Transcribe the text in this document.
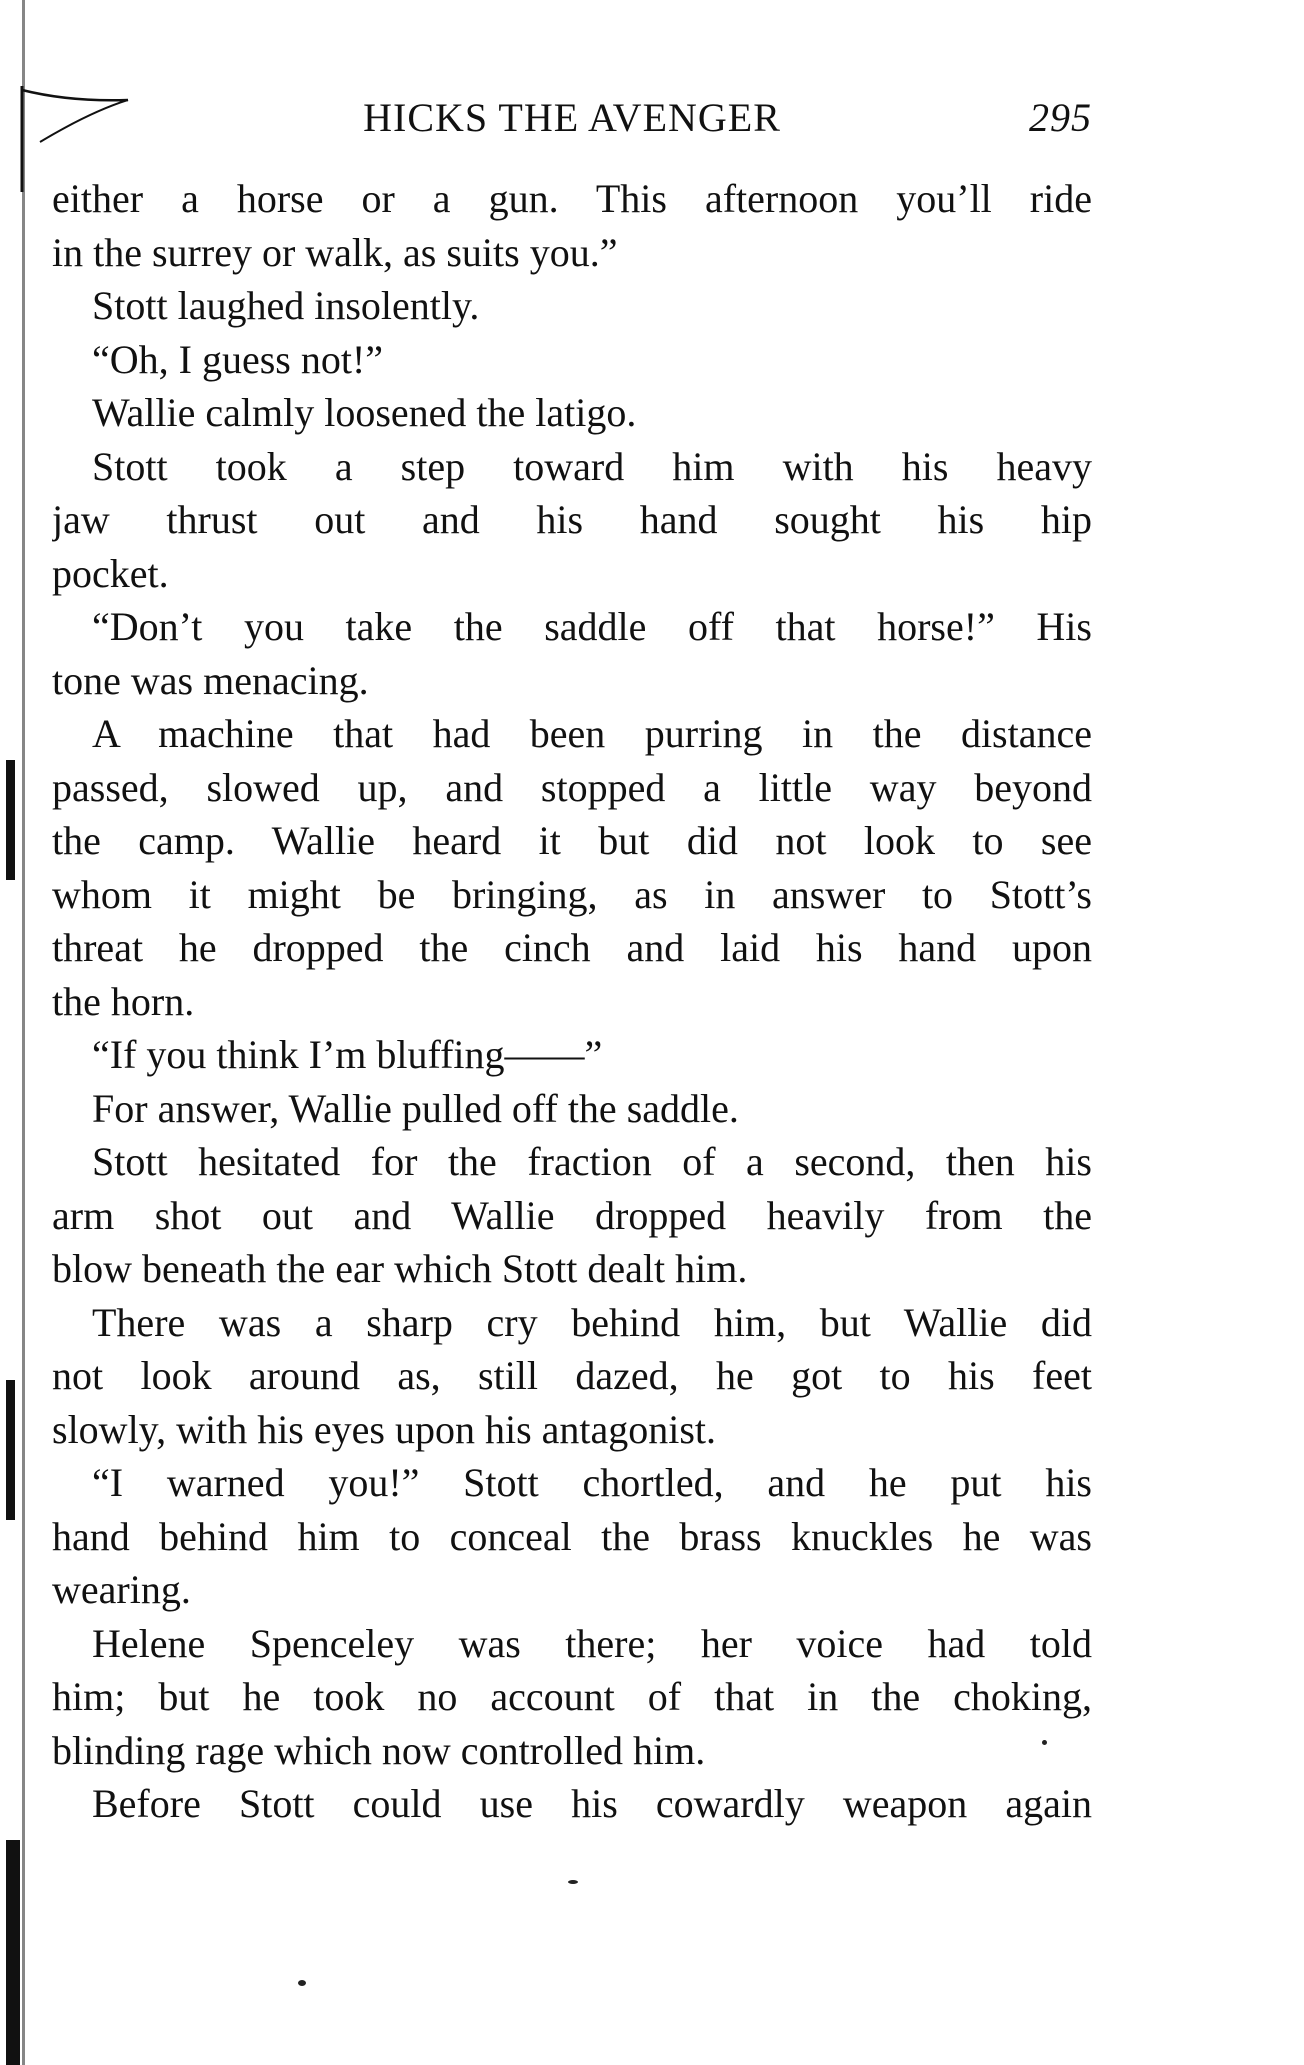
HICKS THE AVENGER	295
either a horse or a gun. This afternoon you’ll ride
in the surrey or walk, as suits you.”
Stott laughed insolently.
“Oh, I guess not!”
Wallie calmly loosened the latigo.
Stott took a step toward him with his heavy
jaw thrust out and his hand sought his hip
pocket.
“Don’t you take the saddle off that horse!” His
tone was menacing.
A machine that had been purring in the distance
passed, slowed up, and stopped a little way beyond
the camp. Wallie heard it but did not look to see
whom it might be bringing, as in answer to Stott’s
threat he dropped the cinch and laid his hand upon
the horn.
“If you think I’m bluffing——”
For answer, Wallie pulled off the saddle.
Stott hesitated for the fraction of a second, then his
arm shot out and Wallie dropped heavily from the
blow beneath the ear which Stott dealt him.
There was a sharp cry behind him, but Wallie did
not look around as, still dazed, he got to his feet
slowly, with his eyes upon his antagonist.
“I warned you!” Stott chortled, and he put his
hand behind him to conceal the brass knuckles he was
wearing.
Helene Spenceley was there; her voice had told
him; but he took no account of that in the choking,
blinding rage which now controlled him.
Before Stott could use his cowardly weapon again
